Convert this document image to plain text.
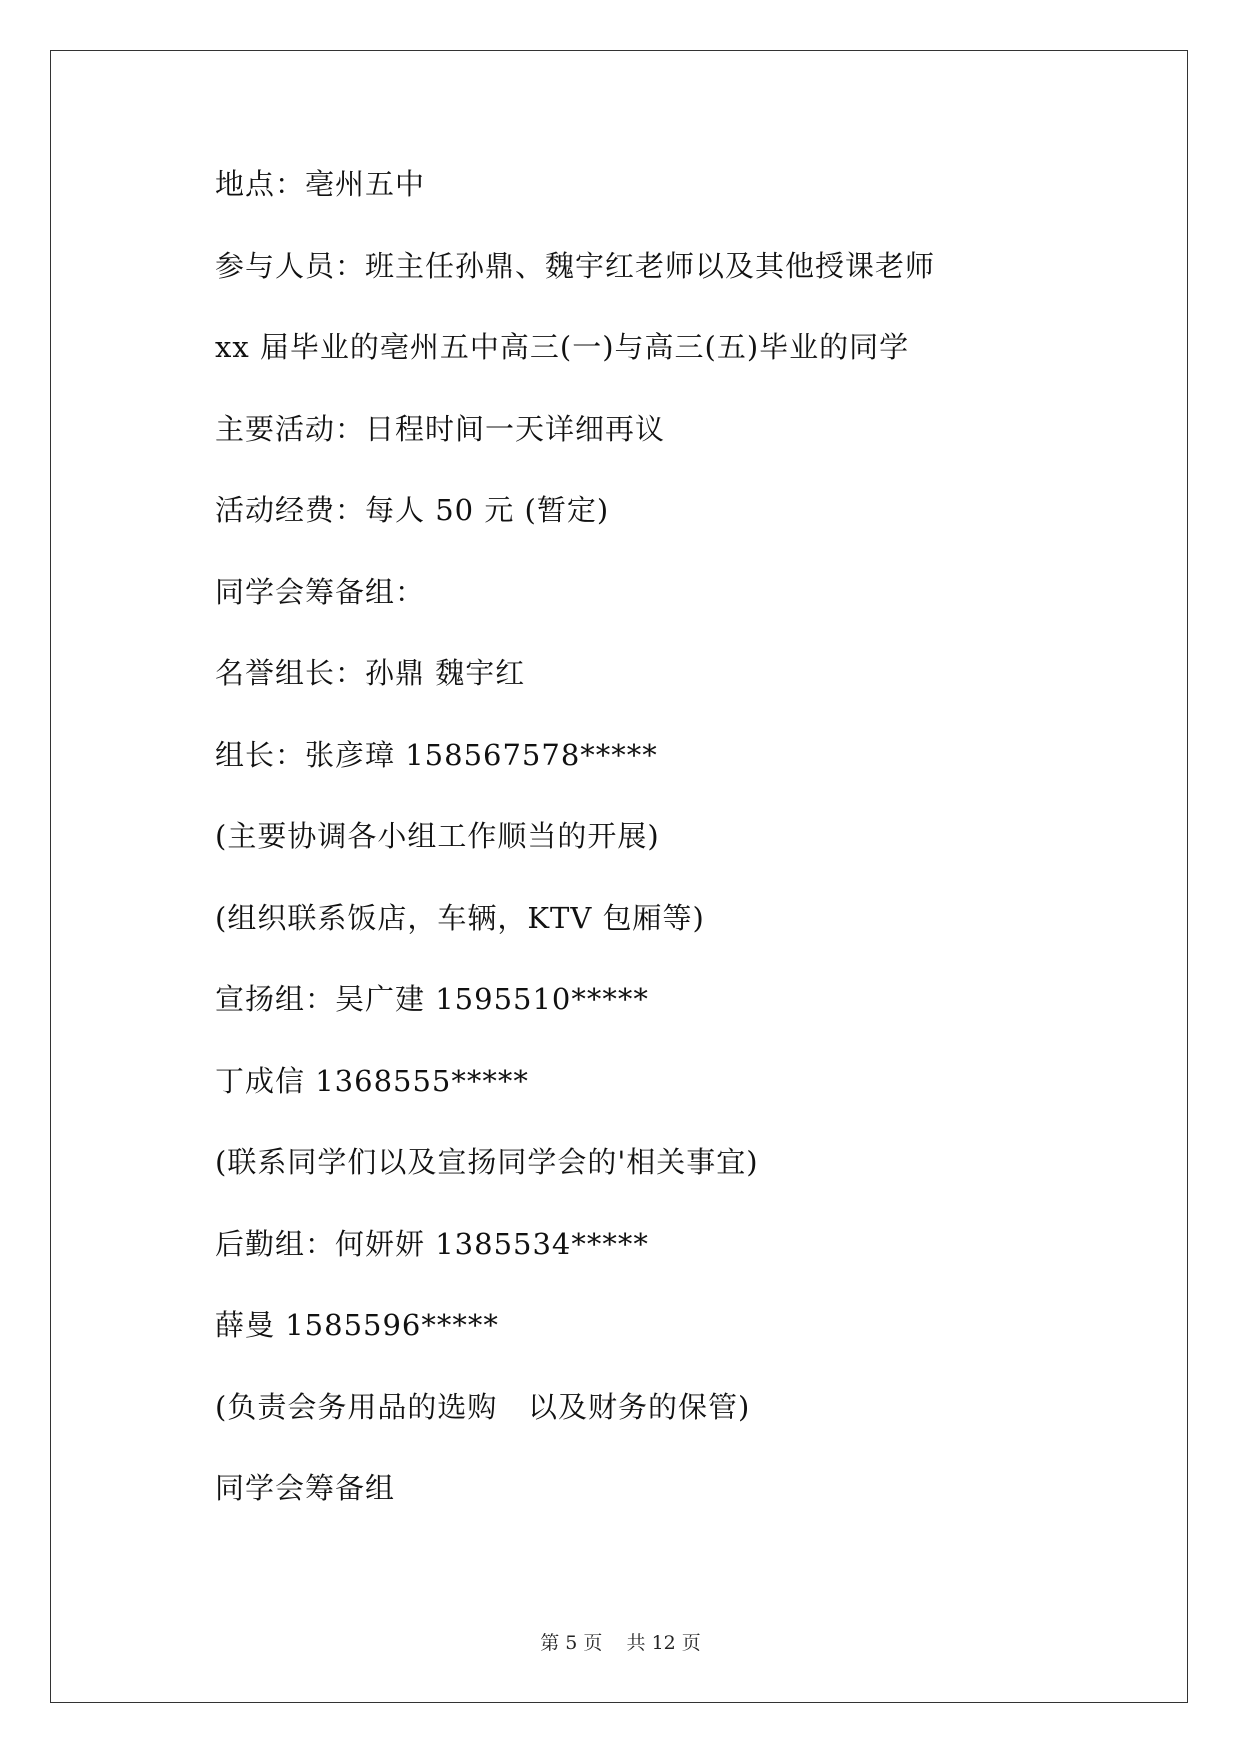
地点：亳州五中
参与人员：班主任孙鼎、魏宇红老师以及其他授课老师
xx 届毕业的亳州五中高三(一)与高三(五)毕业的同学
主要活动：日程时间一天详细再议
活动经费：每人 50 元 (暂定)
同学会筹备组：
名誉组长：孙鼎 魏宇红
组长：张彦璋 158567578*****
(主要协调各小组工作顺当的开展)
(组织联系饭店，车辆，KTV 包厢等)
宣扬组：吴广建 1595510*****
丁成信 1368555*****
(联系同学们以及宣扬同学会的'相关事宜)
后勤组：何妍妍 1385534*****
薛曼 1585596*****
(负责会务用品的选购   以及财务的保管)
同学会筹备组
第 5 页    共 12 页
